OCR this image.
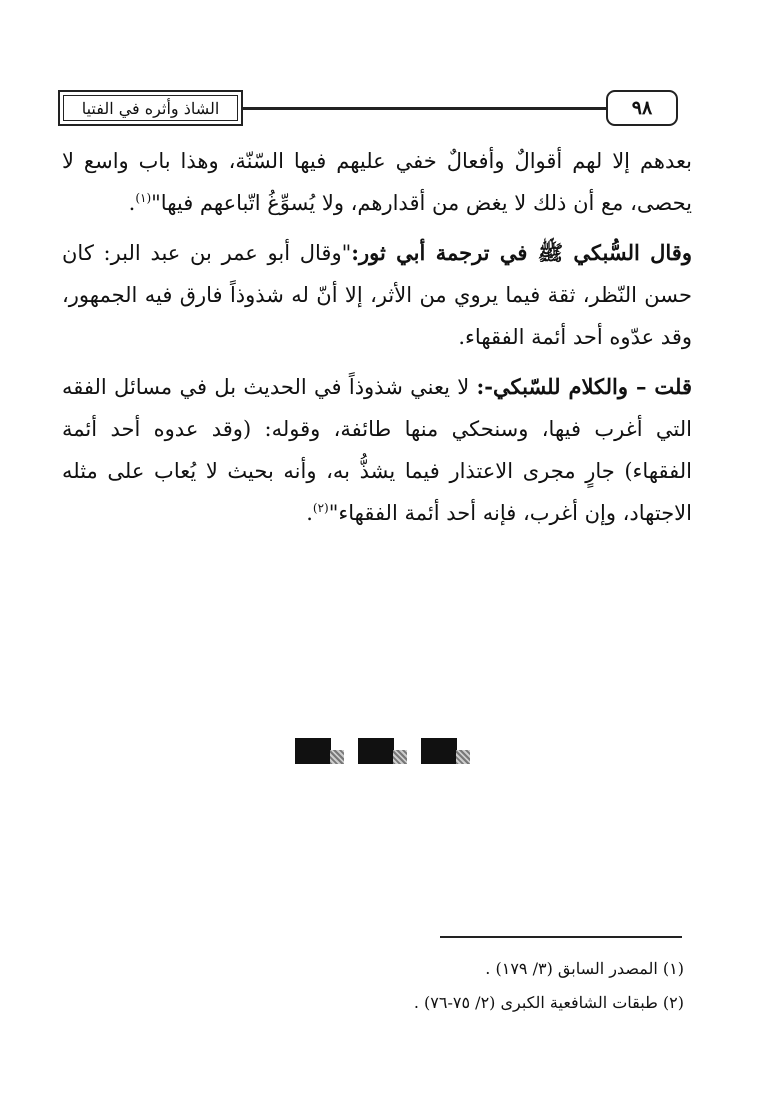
الشاذ وأثره في الفتيا	٩٨

بعدهم إلا لهم أقوالٌ وأفعالٌ خفي عليهم فيها السّنّة، وهذا باب واسع لا يحصى، مع أن ذلك لا يغض من أقدارهم، ولا يُسوِّغُ اتّباعهم فيها"$^{(١)}$.

وقال السُّبكي ﷺ في ترجمة أبي ثور:"وقال أبو عمر بن عبد البر: كان حسن النّظر، ثقة فيما يروي من الأثر، إلا أنّ له شذوذاً فارق فيه الجمهور، وقد عدّوه أحد أئمة الفقهاء.

قلت – والكلام للسّبكي-: لا يعني شذوذاً في الحديث بل في مسائل الفقه التي أغرب فيها، وسنحكي منها طائفة، وقوله: (وقد عدوه أحد أئمة الفقهاء) جارٍ مجرى الاعتذار فيما يشذُّ به، وأنه بحيث لا يُعاب على مثله الاجتهاد، وإن أغرب، فإنه أحد أئمة الفقهاء"$^{(٢)}$.

(١) المصدر السابق (٣/ ١٧٩) .
(٢) طبقات الشافعية الكبرى (٢/ ٧٥-٧٦) .
